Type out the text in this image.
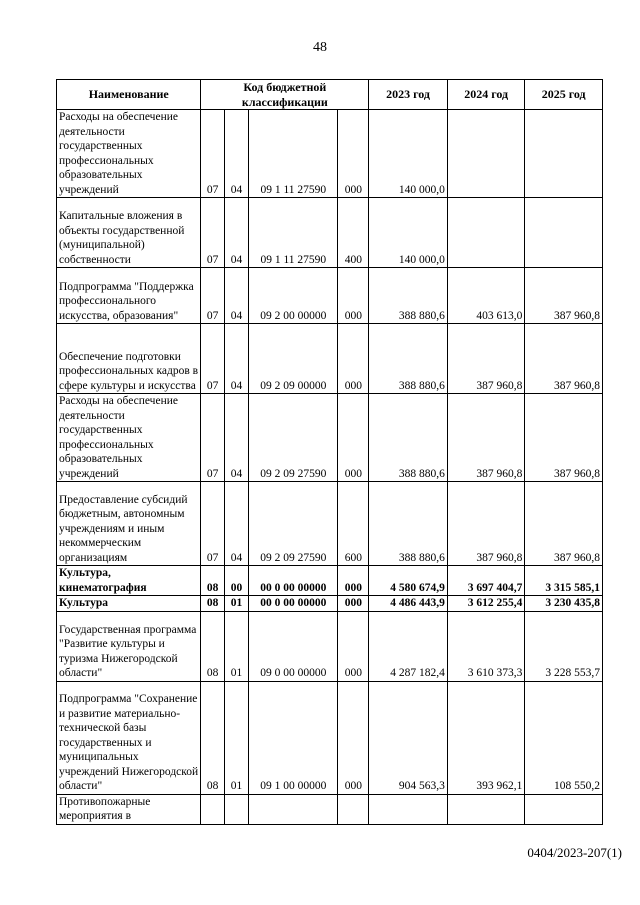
48
Наименование	Код бюджетной классификации				2023 год	2024 год	2025 год
Расходы на обеспечение деятельности государственных профессиональных образовательных учреждений	07	04	09 1 11 27590	000	140 000,0		
Капитальные вложения в объекты государственной (муниципальной) собственности	07	04	09 1 11 27590	400	140 000,0		
Подпрограмма "Поддержка профессионального искусства, образования"	07	04	09 2 00 00000	000	388 880,6	403 613,0	387 960,8
Обеспечение подготовки профессиональных кадров в сфере культуры и искусства	07	04	09 2 09 00000	000	388 880,6	387 960,8	387 960,8
Расходы на обеспечение деятельности государственных профессиональных образовательных учреждений	07	04	09 2 09 27590	000	388 880,6	387 960,8	387 960,8
Предоставление субсидий бюджетным, автономным учреждениям и иным некоммерческим организациям	07	04	09 2 09 27590	600	388 880,6	387 960,8	387 960,8
Культура, кинематография	08	00	00 0 00 00000	000	4 580 674,9	3 697 404,7	3 315 585,1
Культура	08	01	00 0 00 00000	000	4 486 443,9	3 612 255,4	3 230 435,8
Государственная программа "Развитие культуры и туризма Нижегородской области"	08	01	09 0 00 00000	000	4 287 182,4	3 610 373,3	3 228 553,7
Подпрограмма "Сохранение и развитие материально-технической базы государственных и муниципальных учреждений Нижегородской области"	08	01	09 1 00 00000	000	904 563,3	393 962,1	108 550,2
Противопожарные мероприятия в							
0404/2023-207(1)
